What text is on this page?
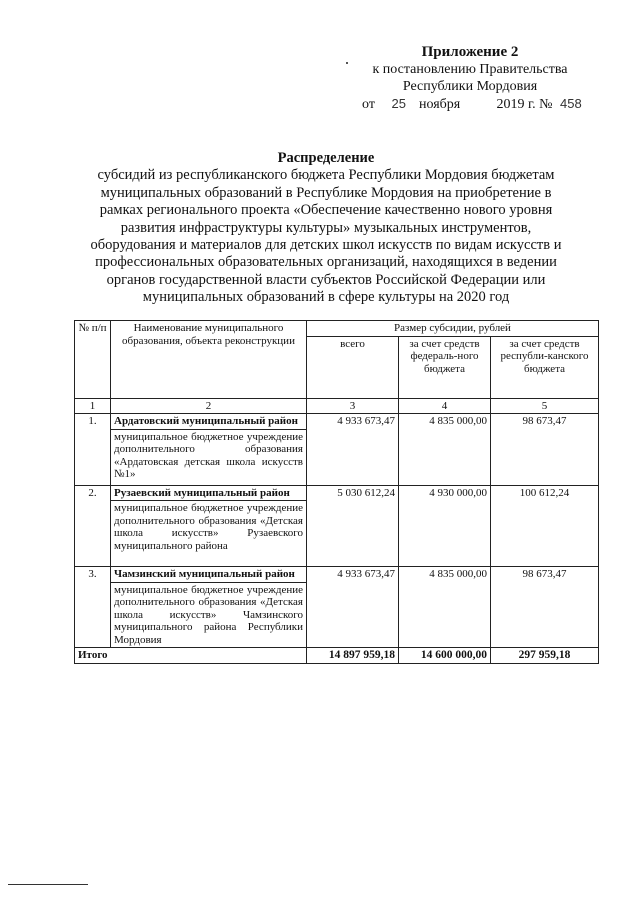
Приложение 2
к постановлению Правительства
Республики Мордовия
от 25 ноября	2019 г. № 458
Распределение
субсидий из республиканского бюджета Республики Мордовия бюджетам
муниципальных образований в Республике Мордовия на приобретение в
рамках регионального проекта «Обеспечение качественно нового уровня
развития инфраструктуры культуры» музыкальных инструментов,
оборудования и материалов для детских школ искусств по видам искусств и
профессиональных образовательных организаций, находящихся в ведении
органов государственной власти субъектов Российской Федерации или
муниципальных образований в сфере культуры на 2020 год
№ п/п	Наименование муниципального образования, объекта реконструкции	Размер субсидии, рублей		
		всего	за счет средств федераль-ного бюджета	за счет средств республи-канского бюджета
1	2	3	4	5
1.	Ардатовский муниципальный район	4 933 673,47	4 835 000,00	98 673,47
	муниципальное бюджетное учреждение дополнительного образования «Ардатовская детская школа искусств №1»			
2.	Рузаевский муниципальный район	5 030 612,24	4 930 000,00	100 612,24
	муниципальное бюджетное учреждение дополнительного образования «Детская школа искусств» Рузаевского муниципального района			
3.	Чамзинский муниципальный район	4 933 673,47	4 835 000,00	98 673,47
	муниципальное бюджетное учреждение дополнительного образования «Детская школа искусств» Чамзинского муниципального района Республики Мордовия			
Итого		14 897 959,18	14 600 000,00	297 959,18
